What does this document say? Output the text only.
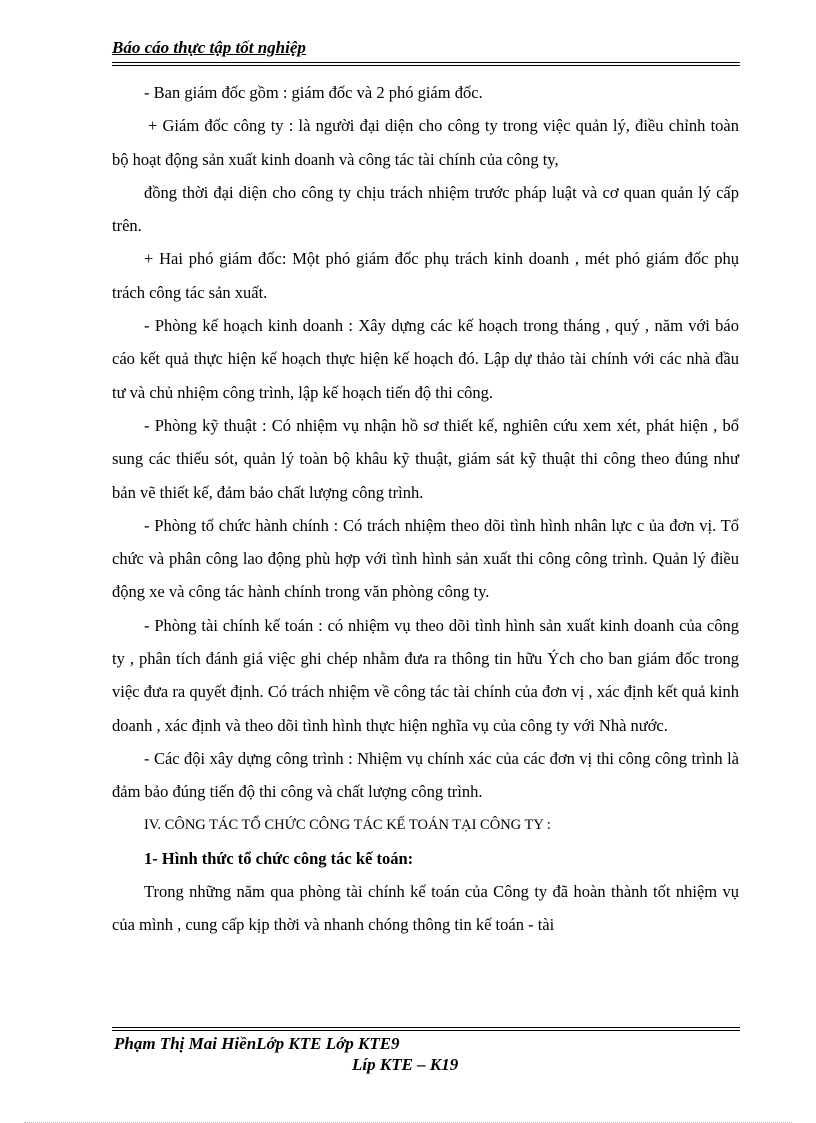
Báo cáo thực tập tốt nghiệp

- Ban giám đốc gồm : giám đốc và 2 phó giám đốc.

+ Giám đốc công ty : là người đại diện cho công ty trong việc quản lý, điều chỉnh toàn bộ hoạt động sản xuất kinh doanh và công tác tài chính của công ty,

đồng thời đại diện cho công ty chịu trách nhiệm trước pháp luật và cơ quan quản lý cấp trên.

+ Hai phó giám đốc: Một phó giám đốc phụ trách kinh doanh , mét phó giám đốc phụ trách công tác sản xuất.

- Phòng kế hoạch kinh doanh : Xây dựng các kế hoạch trong tháng , quý , năm với báo cáo kết quả thực hiện kế hoạch thực hiện kế hoạch đó. Lập dự thảo tài chính với các nhà đầu tư và chủ nhiệm công trình, lập kế hoạch tiến độ thi công.

- Phòng kỹ thuật : Có nhiệm vụ nhận hồ sơ thiết kế, nghiên cứu xem xét, phát hiện , bổ sung các thiếu sót, quản lý toàn bộ khâu kỹ thuật, giám sát kỹ thuật thi công theo đúng như bản vẽ thiết kế, đảm bảo chất lượng công trình.

- Phòng tổ chức hành chính : Có trách nhiệm theo dõi tình hình nhân lực c ủa đơn vị. Tổ chức và phân công lao động phù hợp với tình hình sản xuất thi công công trình. Quản lý điều động xe và công tác hành chính trong văn phòng công ty.

- Phòng tài chính kế toán : có nhiệm vụ theo dõi tình hình sản xuất kinh doanh của công ty , phân tích đánh giá việc ghi chép nhằm đưa ra thông tin hữu Ých cho ban giám đốc trong việc đưa ra quyết định. Có trách nhiệm về công tác tài chính của đơn vị , xác định kết quả kinh doanh , xác định và theo dõi tình hình thực hiện nghĩa vụ của công ty với Nhà nước.

- Các đội xây dựng công trình : Nhiệm vụ chính xác của các đơn vị thi công công trình là đảm bảo đúng tiến độ thi công và chất lượng công trình.

IV. CÔNG TÁC TỔ CHỨC CÔNG TÁC KẾ TOÁN TẠI CÔNG TY :

1- Hình thức tổ chức công tác kế toán:

Trong những năm qua phòng tài chính kế toán của Công ty đã hoàn thành tốt nhiệm vụ của mình , cung cấp kịp thời và nhanh chóng thông tin kế toán - tài

Phạm Thị Mai HiềnLớp KTE Lớp KTE9
Líp KTE – K19
